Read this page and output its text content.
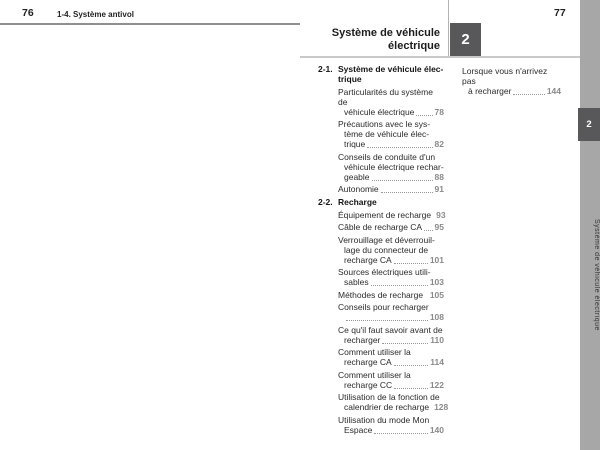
76	1-4. Système antivol	77
Système de véhicule
électrique	2
2
Système de véhicule électrique
2-1. Système de véhicule élec-
trique
Particularités du système de
véhicule électrique 78
Précautions avec le sys-
tème de véhicule élec-
trique	82
Conseils de conduite d'un
véhicule électrique rechar-
geable	88
Autonomie	91
2-2. Recharge
Équipement de recharge 93
Câble de recharge CA 95
Verrouillage et déverrouil-
lage du connecteur de
recharge CA	101
Sources électriques utili-
sables	103
Méthodes de recharge 105
Conseils pour recharger
108
Ce qu'il faut savoir avant de
recharger	110
Comment utiliser la
recharge CA	114
Comment utiliser la
recharge CC	122
Utilisation de la fonction de
calendrier de recharge 128
Utilisation du mode Mon
Espace	140
Lorsque vous n'arrivez pas
à recharger	144
